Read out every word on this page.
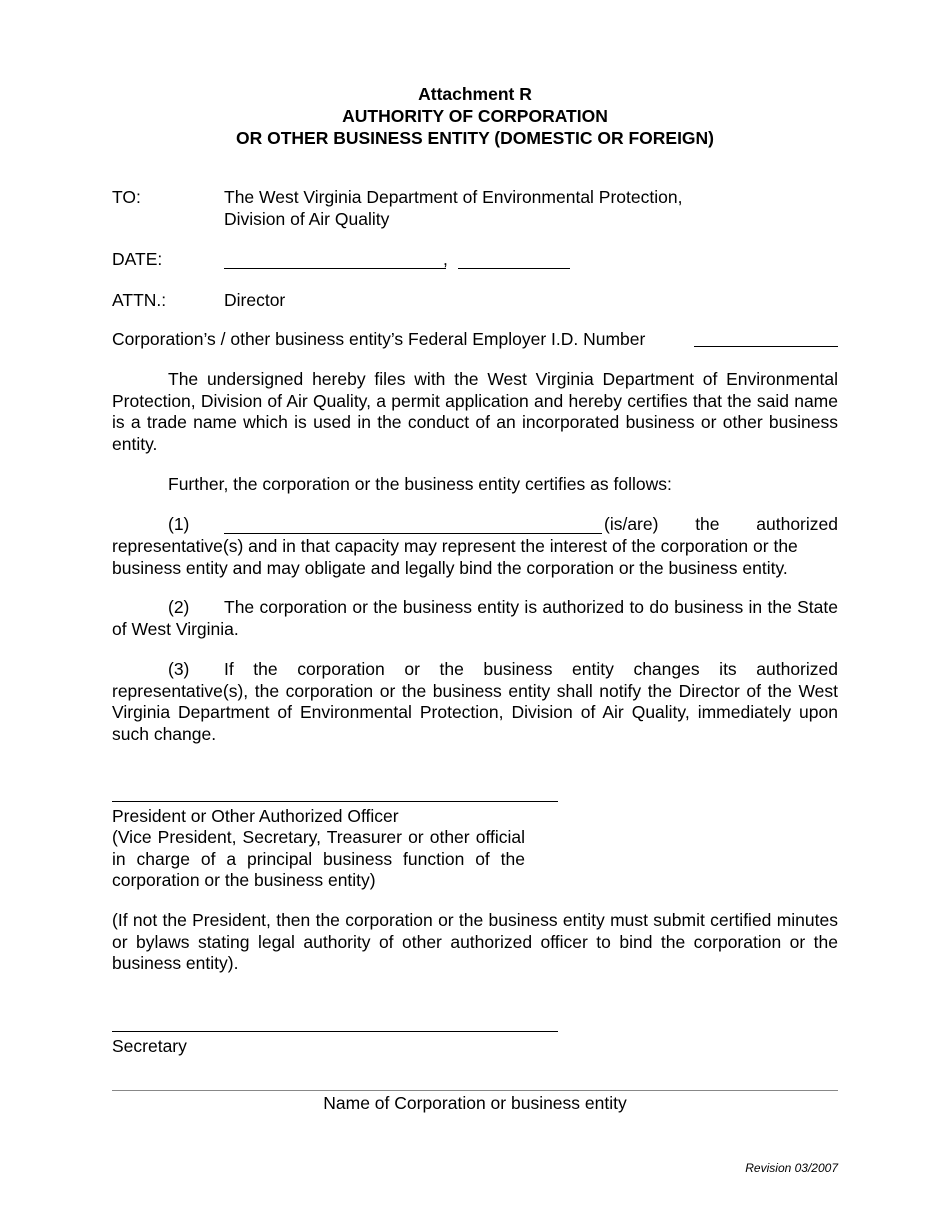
Attachment R
AUTHORITY OF CORPORATION
OR OTHER BUSINESS ENTITY (DOMESTIC OR FOREIGN)
TO:	The West Virginia Department of Environmental Protection,
Division of Air Quality
DATE:	,
ATTN.:	Director
Corporation’s / other business entity’s Federal Employer I.D. Number
The undersigned hereby files with the West Virginia Department of Environmental Protection, Division of Air Quality, a permit application and hereby certifies that the said name is a trade name which is used in the conduct of an incorporated business or other business entity.
Further, the corporation or the business entity certifies as follows:
(1)	(is/are) the authorized
representative(s) and in that capacity may represent the interest of the corporation or the business entity and may obligate and legally bind the corporation or the business entity.
(2)	The corporation or the business entity is authorized to do business in the State of West Virginia.
(3)	If the corporation or the business entity changes its authorized representative(s), the corporation or the business entity shall notify the Director of the West Virginia Department of Environmental Protection, Division of Air Quality, immediately upon such change.
President or Other Authorized Officer
(Vice President, Secretary, Treasurer or other official in charge of a principal business function of the corporation or the business entity)
(If not the President, then the corporation or the business entity must submit certified minutes or bylaws stating legal authority of other authorized officer to bind the corporation or the business entity).
Secretary
Name of Corporation or business entity
Revision 03/2007
